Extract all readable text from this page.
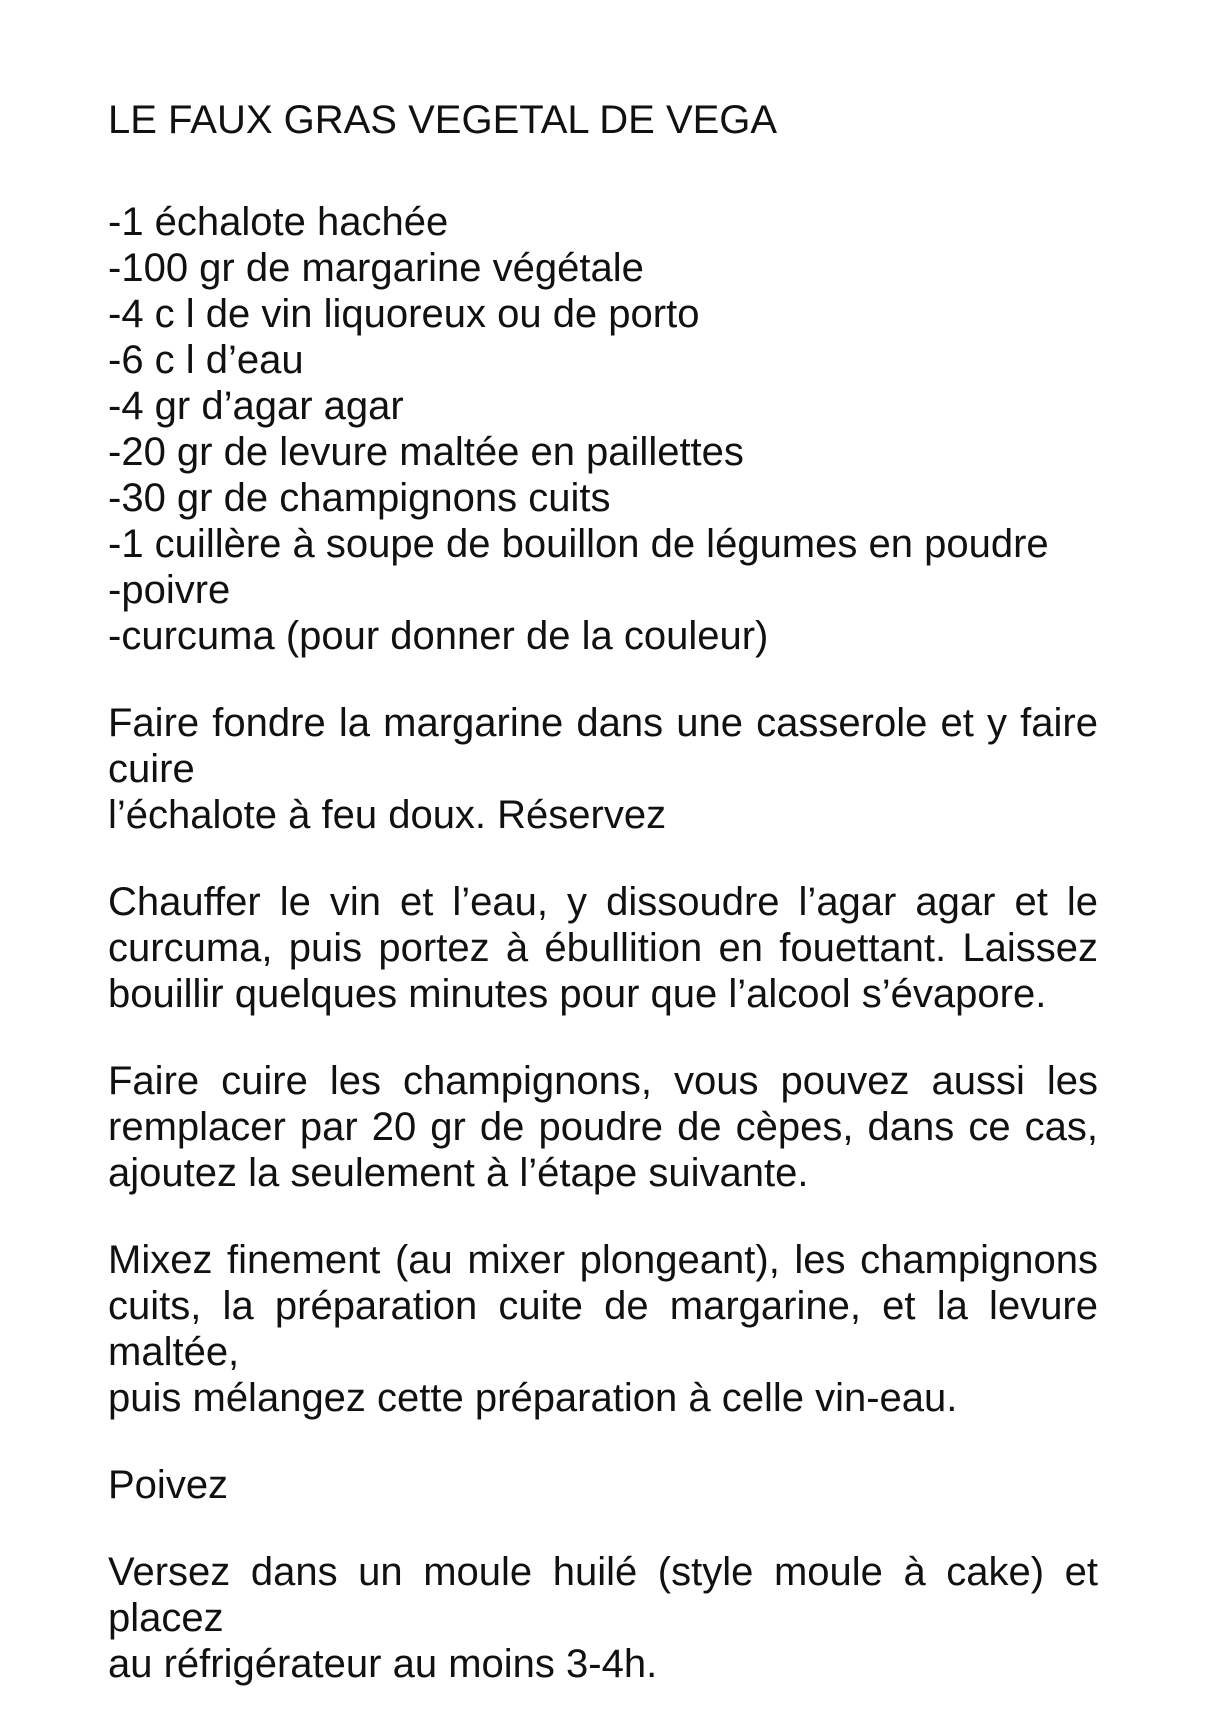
LE FAUX GRAS VEGETAL DE VEGA
-1 échalote hachée
-100 gr de margarine végétale
-4 c l de vin liquoreux ou de porto
-6 c l d’eau
-4 gr d’agar agar
-20 gr de levure maltée en paillettes
-30 gr de champignons cuits
-1 cuillère à soupe de bouillon de légumes en poudre
-poivre
-curcuma (pour donner de la couleur)
Faire fondre la margarine dans une casserole et y faire cuire
l’échalote à feu doux. Réservez
Chauffer le vin et l’eau, y dissoudre l’agar agar et le
curcuma, puis portez à ébullition en fouettant. Laissez
bouillir quelques minutes pour que l’alcool s’évapore.
Faire cuire les champignons, vous pouvez aussi les
remplacer par 20 gr de poudre de cèpes, dans ce cas,
ajoutez la seulement à l’étape suivante.
Mixez finement (au mixer plongeant), les champignons
cuits, la préparation cuite de margarine, et la levure maltée,
puis mélangez cette préparation à celle vin-eau.
Poivez
Versez dans un moule huilé (style moule à cake) et placez
au réfrigérateur au moins 3-4h.
